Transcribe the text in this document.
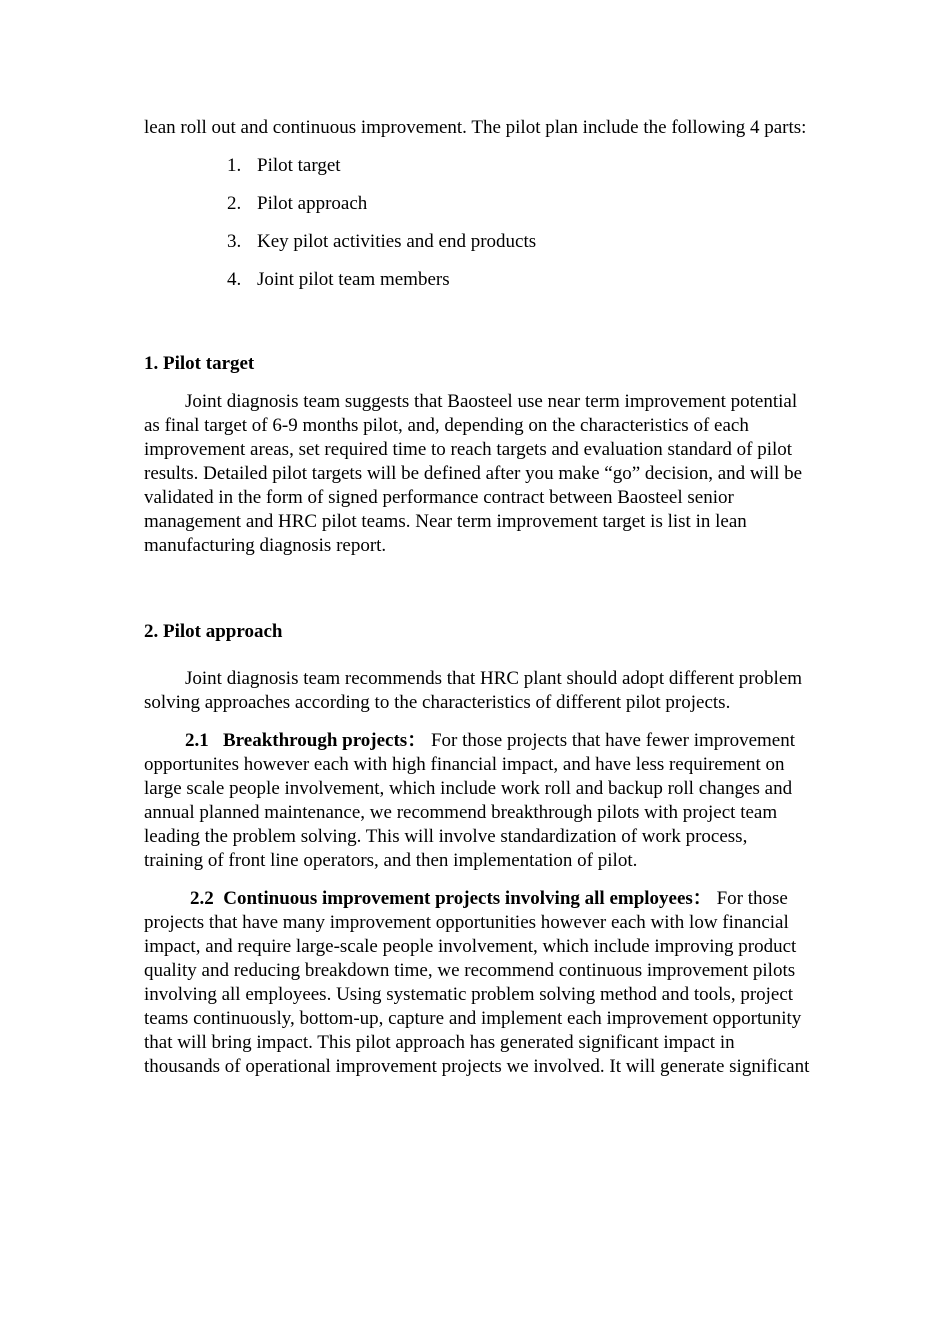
lean roll out and continuous improvement. The pilot plan include the following 4 parts:

1. Pilot target
2. Pilot approach
3. Key pilot activities and end products
4. Joint pilot team members

1. Pilot target

Joint diagnosis team suggests that Baosteel use near term improvement potential as final target of 6-9 months pilot, and, depending on the characteristics of each improvement areas, set required time to reach targets and evaluation standard of pilot results. Detailed pilot targets will be defined after you make “go” decision, and will be validated in the form of signed performance contract between Baosteel senior management and HRC pilot teams. Near term improvement target is list in lean manufacturing diagnosis report.

2. Pilot approach

Joint diagnosis team recommends that HRC plant should adopt different problem solving approaches according to the characteristics of different pilot projects.

2.1   Breakthrough projects： For those projects that have fewer improvement opportunites however each with high financial impact, and have less requirement on large scale people involvement, which include work roll and backup roll changes and annual planned maintenance, we recommend breakthrough pilots with project team leading the problem solving. This will involve standardization of work process, training of front line operators, and then implementation of pilot.

2.2  Continuous improvement projects involving all employees： For those projects that have many improvement opportunities however each with low financial impact, and require large-scale people involvement, which include improving product quality and reducing breakdown time, we recommend continuous improvement pilots involving all employees. Using systematic problem solving method and tools, project teams continuously, bottom-up, capture and implement each improvement opportunity that will bring impact. This pilot approach has generated significant impact in thousands of operational improvement projects we involved. It will generate significant
